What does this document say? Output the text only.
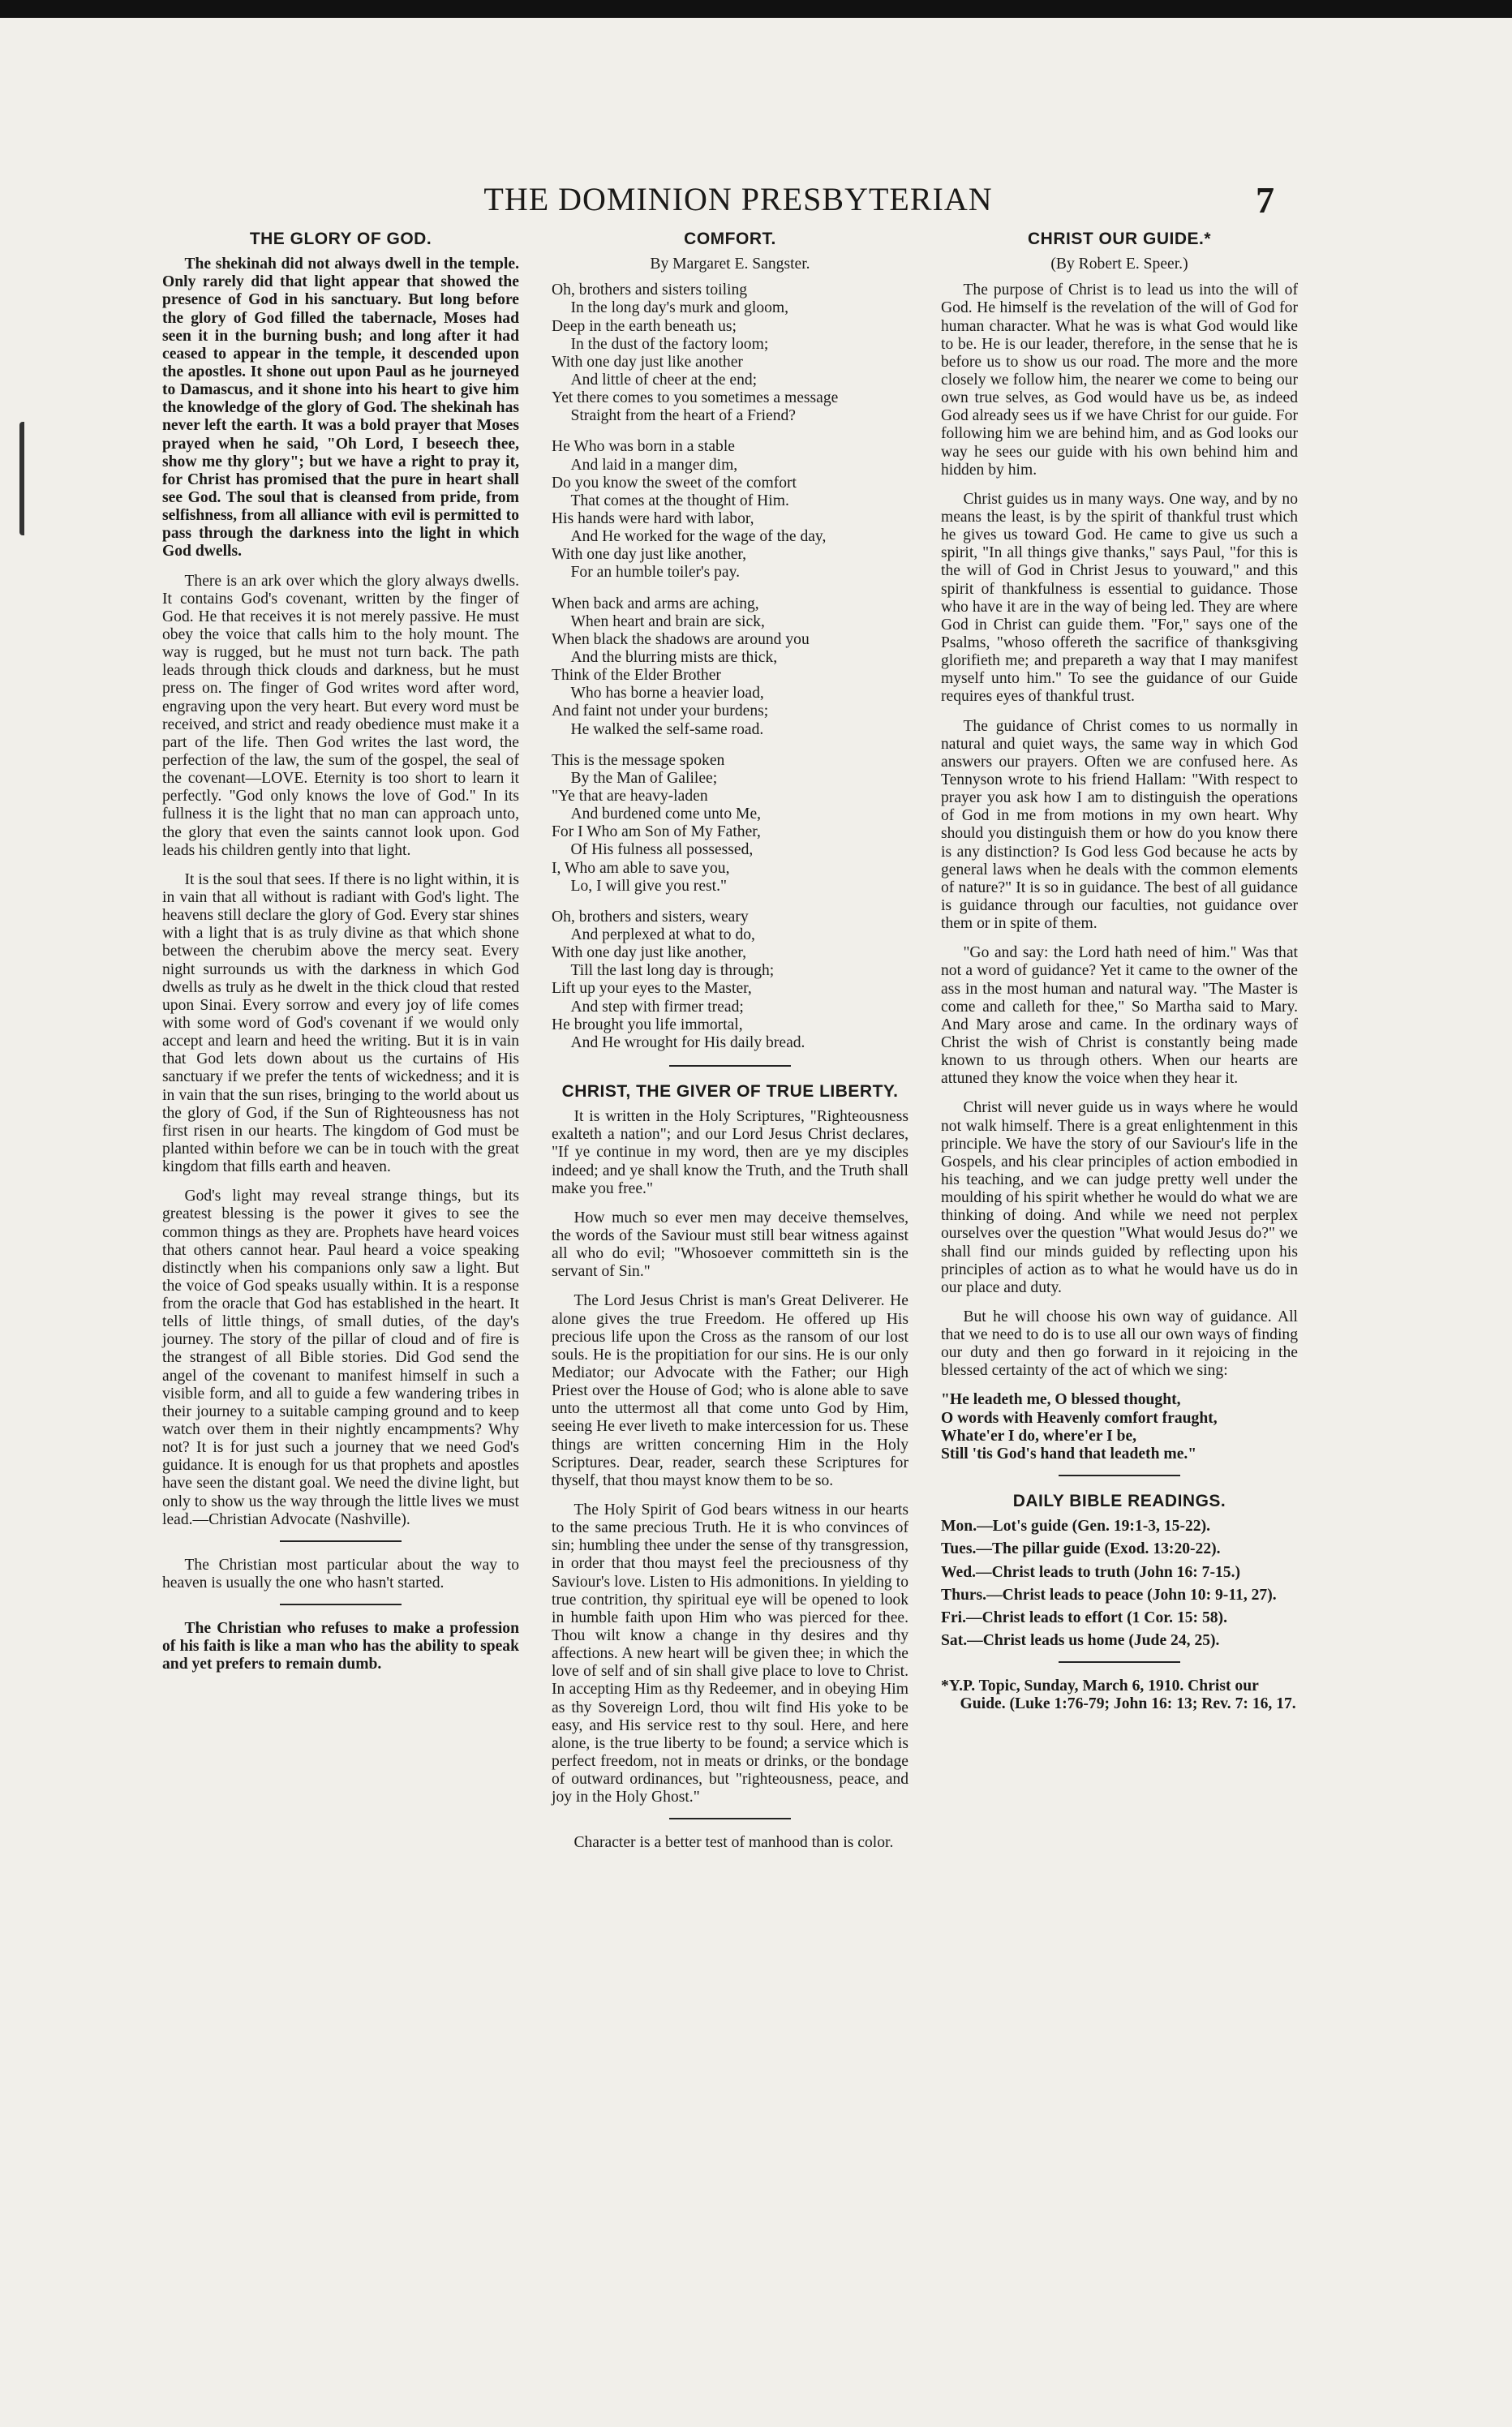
THE DOMINION PRESBYTERIAN	7
THE GLORY OF GOD.

The shekinah did not always dwell in the temple. Only rarely did that light appear that showed the presence of God in his sanctuary. But long before the glory of God filled the tabernacle, Moses had seen it in the burning bush; and long after it had ceased to appear in the temple, it descended upon the apostles. It shone out upon Paul as he journeyed to Damascus, and it shone into his heart to give him the knowledge of the glory of God. The shekinah has never left the earth. It was a bold prayer that Moses prayed when he said, "Oh Lord, I beseech thee, show me thy glory"; but we have a right to pray it, for Christ has promised that the pure in heart shall see God. The soul that is cleansed from pride, from selfishness, from all alliance with evil is permitted to pass through the darkness into the light in which God dwells.

There is an ark over which the glory always dwells. It contains God's covenant, written by the finger of God. He that receives it is not merely passive. He must obey the voice that calls him to the holy mount. The way is rugged, but he must not turn back. The path leads through thick clouds and darkness, but he must press on. The finger of God writes word after word, engraving upon the very heart. But every word must be received, and strict and ready obedience must make it a part of the life. Then God writes the last word, the perfection of the law, the sum of the gospel, the seal of the covenant—LOVE. Eternity is too short to learn it perfectly. "God only knows the love of God." In its fullness it is the light that no man can approach unto, the glory that even the saints cannot look upon. God leads his children gently into that light.

It is the soul that sees. If there is no light within, it is in vain that all without is radiant with God's light. The heavens still declare the glory of God. Every star shines with a light that is as truly divine as that which shone between the cherubim above the mercy seat. Every night surrounds us with the darkness in which God dwells as truly as he dwelt in the thick cloud that rested upon Sinai. Every sorrow and every joy of life comes with some word of God's covenant if we would only accept and learn and heed the writing. But it is in vain that God lets down about us the curtains of His sanctuary if we prefer the tents of wickedness; and it is in vain that the sun rises, bringing to the world about us the glory of God, if the Sun of Righteousness has not first risen in our hearts. The kingdom of God must be planted within before we can be in touch with the great kingdom that fills earth and heaven.

God's light may reveal strange things, but its greatest blessing is the power it gives to see the common things as they are. Prophets have heard voices that others cannot hear. Paul heard a voice speaking distinctly when his companions only saw a light. But the voice of God speaks usually within. It is a response from the oracle that God has established in the heart. It tells of little things, of small duties, of the day's journey. The story of the pillar of cloud and of fire is the strangest of all Bible stories. Did God send the angel of the covenant to manifest himself in such a visible form, and all to guide a few wandering tribes in their journey to a suitable camping ground and to keep watch over them in their nightly encampments? Why not? It is for just such a journey that we need God's guidance. It is enough for us that prophets and apostles have seen the distant goal. We need the divine light, but only to show us the way through the little lives we must lead.—Christian Advocate (Nashville).

The Christian most particular about the way to heaven is usually the one who hasn't started.

The Christian who refuses to make a profession of his faith is like a man who has the ability to speak and yet prefers to remain dumb.

COMFORT.
By Margaret E. Sangster.
Oh, brothers and sisters toiling
In the long day's murk and gloom,
Deep in the earth beneath us;
In the dust of the factory loom;
With one day just like another
And little of cheer at the end;
Yet there comes to you sometimes a message
Straight from the heart of a Friend?
He Who was born in a stable
And laid in a manger dim,
Do you know the sweet of the comfort
That comes at the thought of Him.
His hands were hard with labor,
And He worked for the wage of the day,
With one day just like another,
For an humble toiler's pay.
When back and arms are aching,
When heart and brain are sick,
When black the shadows are around you
And the blurring mists are thick,
Think of the Elder Brother
Who has borne a heavier load,
And faint not under your burdens;
He walked the self-same road.
This is the message spoken
By the Man of Galilee;
"Ye that are heavy-laden
And burdened come unto Me,
For I Who am Son of My Father,
Of His fulness all possessed,
I, Who am able to save you,
Lo, I will give you rest."
Oh, brothers and sisters, weary
And perplexed at what to do,
With one day just like another,
Till the last long day is through;
Lift up your eyes to the Master,
And step with firmer tread;
He brought you life immortal,
And He wrought for His daily bread.
CHRIST, THE GIVER OF TRUE LIBERTY.

It is written in the Holy Scriptures, "Righteousness exalteth a nation"; and our Lord Jesus Christ declares, "If ye continue in my word, then are ye my disciples indeed; and ye shall know the Truth, and the Truth shall make you free."

How much so ever men may deceive themselves, the words of the Saviour must still bear witness against all who do evil; "Whosoever committeth sin is the servant of Sin."

The Lord Jesus Christ is man's Great Deliverer. He alone gives the true Freedom. He offered up His precious life upon the Cross as the ransom of our lost souls. He is the propitiation for our sins. He is our only Mediator; our Advocate with the Father; our High Priest over the House of God; who is alone able to save unto the uttermost all that come unto God by Him, seeing He ever liveth to make intercession for us. These things are written concerning Him in the Holy Scriptures. Dear, reader, search these Scriptures for thyself, that thou mayst know them to be so.

The Holy Spirit of God bears witness in our hearts to the same precious Truth. He it is who convinces of sin; humbling thee under the sense of thy transgression, in order that thou mayst feel the preciousness of thy Saviour's love. Listen to His admonitions. In yielding to true contrition, thy spiritual eye will be opened to look in humble faith upon Him who was pierced for thee. Thou wilt know a change in thy desires and thy affections. A new heart will be given thee; in which the love of self and of sin shall give place to love to Christ. In accepting Him as thy Redeemer, and in obeying Him as thy Sovereign Lord, thou wilt find His yoke to be easy, and His service rest to thy soul. Here, and here alone, is the true liberty to be found; a service which is perfect freedom, not in meats or drinks, or the bondage of outward ordinances, but "righteousness, peace, and joy in the Holy Ghost."

Character is a better test of manhood than is color.

CHRIST OUR GUIDE.*
(By Robert E. Speer.)

The purpose of Christ is to lead us into the will of God. He himself is the revelation of the will of God for human character. What he was is what God would like to be. He is our leader, therefore, in the sense that he is before us to show us our road. The more and the more closely we follow him, the nearer we come to being our own true selves, as God would have us be, as indeed God already sees us if we have Christ for our guide. For following him we are behind him, and as God looks our way he sees our guide with his own behind him and hidden by him.

Christ guides us in many ways. One way, and by no means the least, is by the spirit of thankful trust which he gives us toward God. He came to give us such a spirit, "In all things give thanks," says Paul, "for this is the will of God in Christ Jesus to youward," and this spirit of thankfulness is essential to guidance. Those who have it are in the way of being led. They are where God in Christ can guide them. "For," says one of the Psalms, "whoso offereth the sacrifice of thanksgiving glorifieth me; and prepareth a way that I may manifest myself unto him." To see the guidance of our Guide requires eyes of thankful trust.

The guidance of Christ comes to us normally in natural and quiet ways, the same way in which God answers our prayers. Often we are confused here. As Tennyson wrote to his friend Hallam: "With respect to prayer you ask how I am to distinguish the operations of God in me from motions in my own heart. Why should you distinguish them or how do you know there is any distinction? Is God less God because he acts by general laws when he deals with the common elements of nature?" It is so in guidance. The best of all guidance is guidance through our faculties, not guidance over them or in spite of them.

"Go and say: the Lord hath need of him." Was that not a word of guidance? Yet it came to the owner of the ass in the most human and natural way. "The Master is come and calleth for thee," So Martha said to Mary. And Mary arose and came. In the ordinary ways of Christ the wish of Christ is constantly being made known to us through others. When our hearts are attuned they know the voice when they hear it.

Christ will never guide us in ways where he would not walk himself. There is a great enlightenment in this principle. We have the story of our Saviour's life in the Gospels, and his clear principles of action embodied in his teaching, and we can judge pretty well under the moulding of his spirit whether he would do what we are thinking of doing. And while we need not perplex ourselves over the question "What would Jesus do?" we shall find our minds guided by reflecting upon his principles of action as to what he would have us do in our place and duty.

But he will choose his own way of guidance. All that we need to do is to use all our own ways of finding our duty and then go forward in it rejoicing in the blessed certainty of the act of which we sing:

"He leadeth me, O blessed thought,
O words with Heavenly comfort fraught,
Whate'er I do, where'er I be,
Still 'tis God's hand that leadeth me."
DAILY BIBLE READINGS.
Mon.—Lot's guide (Gen. 19:1-3, 15-22).
Tues.—The pillar guide (Exod. 13:20-22).
Wed.—Christ leads to truth (John 16: 7-15.)
Thurs.—Christ leads to peace (John 10: 9-11, 27).
Fri.—Christ leads to effort (1 Cor. 15: 58).
Sat.—Christ leads us home (Jude 24, 25).
*Y.P. Topic, Sunday, March 6, 1910. Christ our Guide. (Luke 1:76-79; John 16: 13; Rev. 7: 16, 17.
